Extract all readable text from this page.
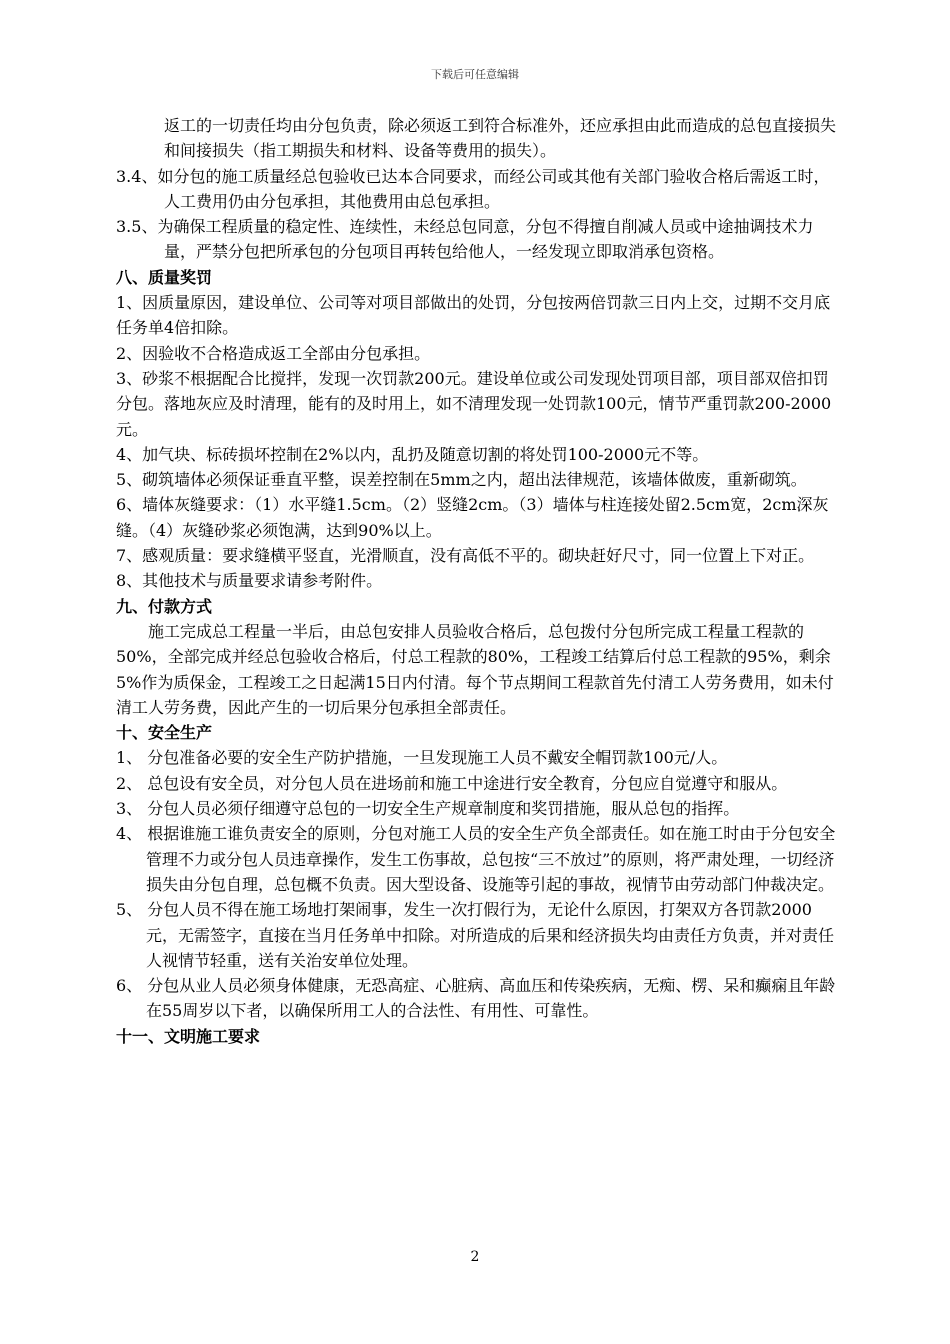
下载后可任意编辑

返工的一切责任均由分包负责，除必须返工到符合标准外，还应承担由此而造成的总包直接损失和间接损失（指工期损失和材料、设备等费用的损失）。

3.4、如分包的施工质量经总包验收已达本合同要求，而经公司或其他有关部门验收合格后需返工时，人工费用仍由分包承担，其他费用由总包承担。

3.5、为确保工程质量的稳定性、连续性，未经总包同意，分包不得擅自削减人员或中途抽调技术力量，严禁分包把所承包的分包项目再转包给他人，一经发现立即取消承包资格。

八、质量奖罚

1、因质量原因，建设单位、公司等对项目部做出的处罚，分包按两倍罚款三日内上交，过期不交月底任务单4倍扣除。

2、因验收不合格造成返工全部由分包承担。

3、砂浆不根据配合比搅拌，发现一次罚款200元。建设单位或公司发现处罚项目部，项目部双倍扣罚分包。落地灰应及时清理，能有的及时用上，如不清理发现一处罚款100元，情节严重罚款200-2000元。

4、加气块、标砖损坏控制在2%以内，乱扔及随意切割的将处罚100-2000元不等。

5、砌筑墙体必须保证垂直平整，误差控制在5mm之内，超出法律规范，该墙体做废，重新砌筑。

6、墙体灰缝要求：（1）水平缝1.5cm。（2）竖缝2cm。（3）墙体与柱连接处留2.5cm宽，2cm深灰缝。（4）灰缝砂浆必须饱满，达到90%以上。

7、感观质量：要求缝横平竖直，光滑顺直，没有高低不平的。砌块赶好尺寸，同一位置上下对正。

8、其他技术与质量要求请参考附件。

九、付款方式

施工完成总工程量一半后，由总包安排人员验收合格后，总包拨付分包所完成工程量工程款的50%，全部完成并经总包验收合格后，付总工程款的80%，工程竣工结算后付总工程款的95%，剩余5%作为质保金，工程竣工之日起满15日内付清。每个节点期间工程款首先付清工人劳务费用，如未付清工人劳务费，因此产生的一切后果分包承担全部责任。

十、安全生产

1、 分包准备必要的安全生产防护措施，一旦发现施工人员不戴安全帽罚款100元/人。

2、 总包设有安全员，对分包人员在进场前和施工中途进行安全教育，分包应自觉遵守和服从。

3、 分包人员必须仔细遵守总包的一切安全生产规章制度和奖罚措施，服从总包的指挥。

4、 根据谁施工谁负责安全的原则，分包对施工人员的安全生产负全部责任。如在施工时由于分包安全管理不力或分包人员违章操作，发生工伤事故，总包按“三不放过”的原则，将严肃处理，一切经济损失由分包自理，总包概不负责。因大型设备、设施等引起的事故，视情节由劳动部门仲裁决定。

5、 分包人员不得在施工场地打架闹事，发生一次打假行为，无论什么原因，打架双方各罚款2000元，无需签字，直接在当月任务单中扣除。对所造成的后果和经济损失均由责任方负责，并对责任人视情节轻重，送有关治安单位处理。

6、 分包从业人员必须身体健康，无恐高症、心脏病、高血压和传染疾病，无痴、楞、呆和癫痫且年龄在55周岁以下者，以确保所用工人的合法性、有用性、可靠性。

十一、文明施工要求

2
